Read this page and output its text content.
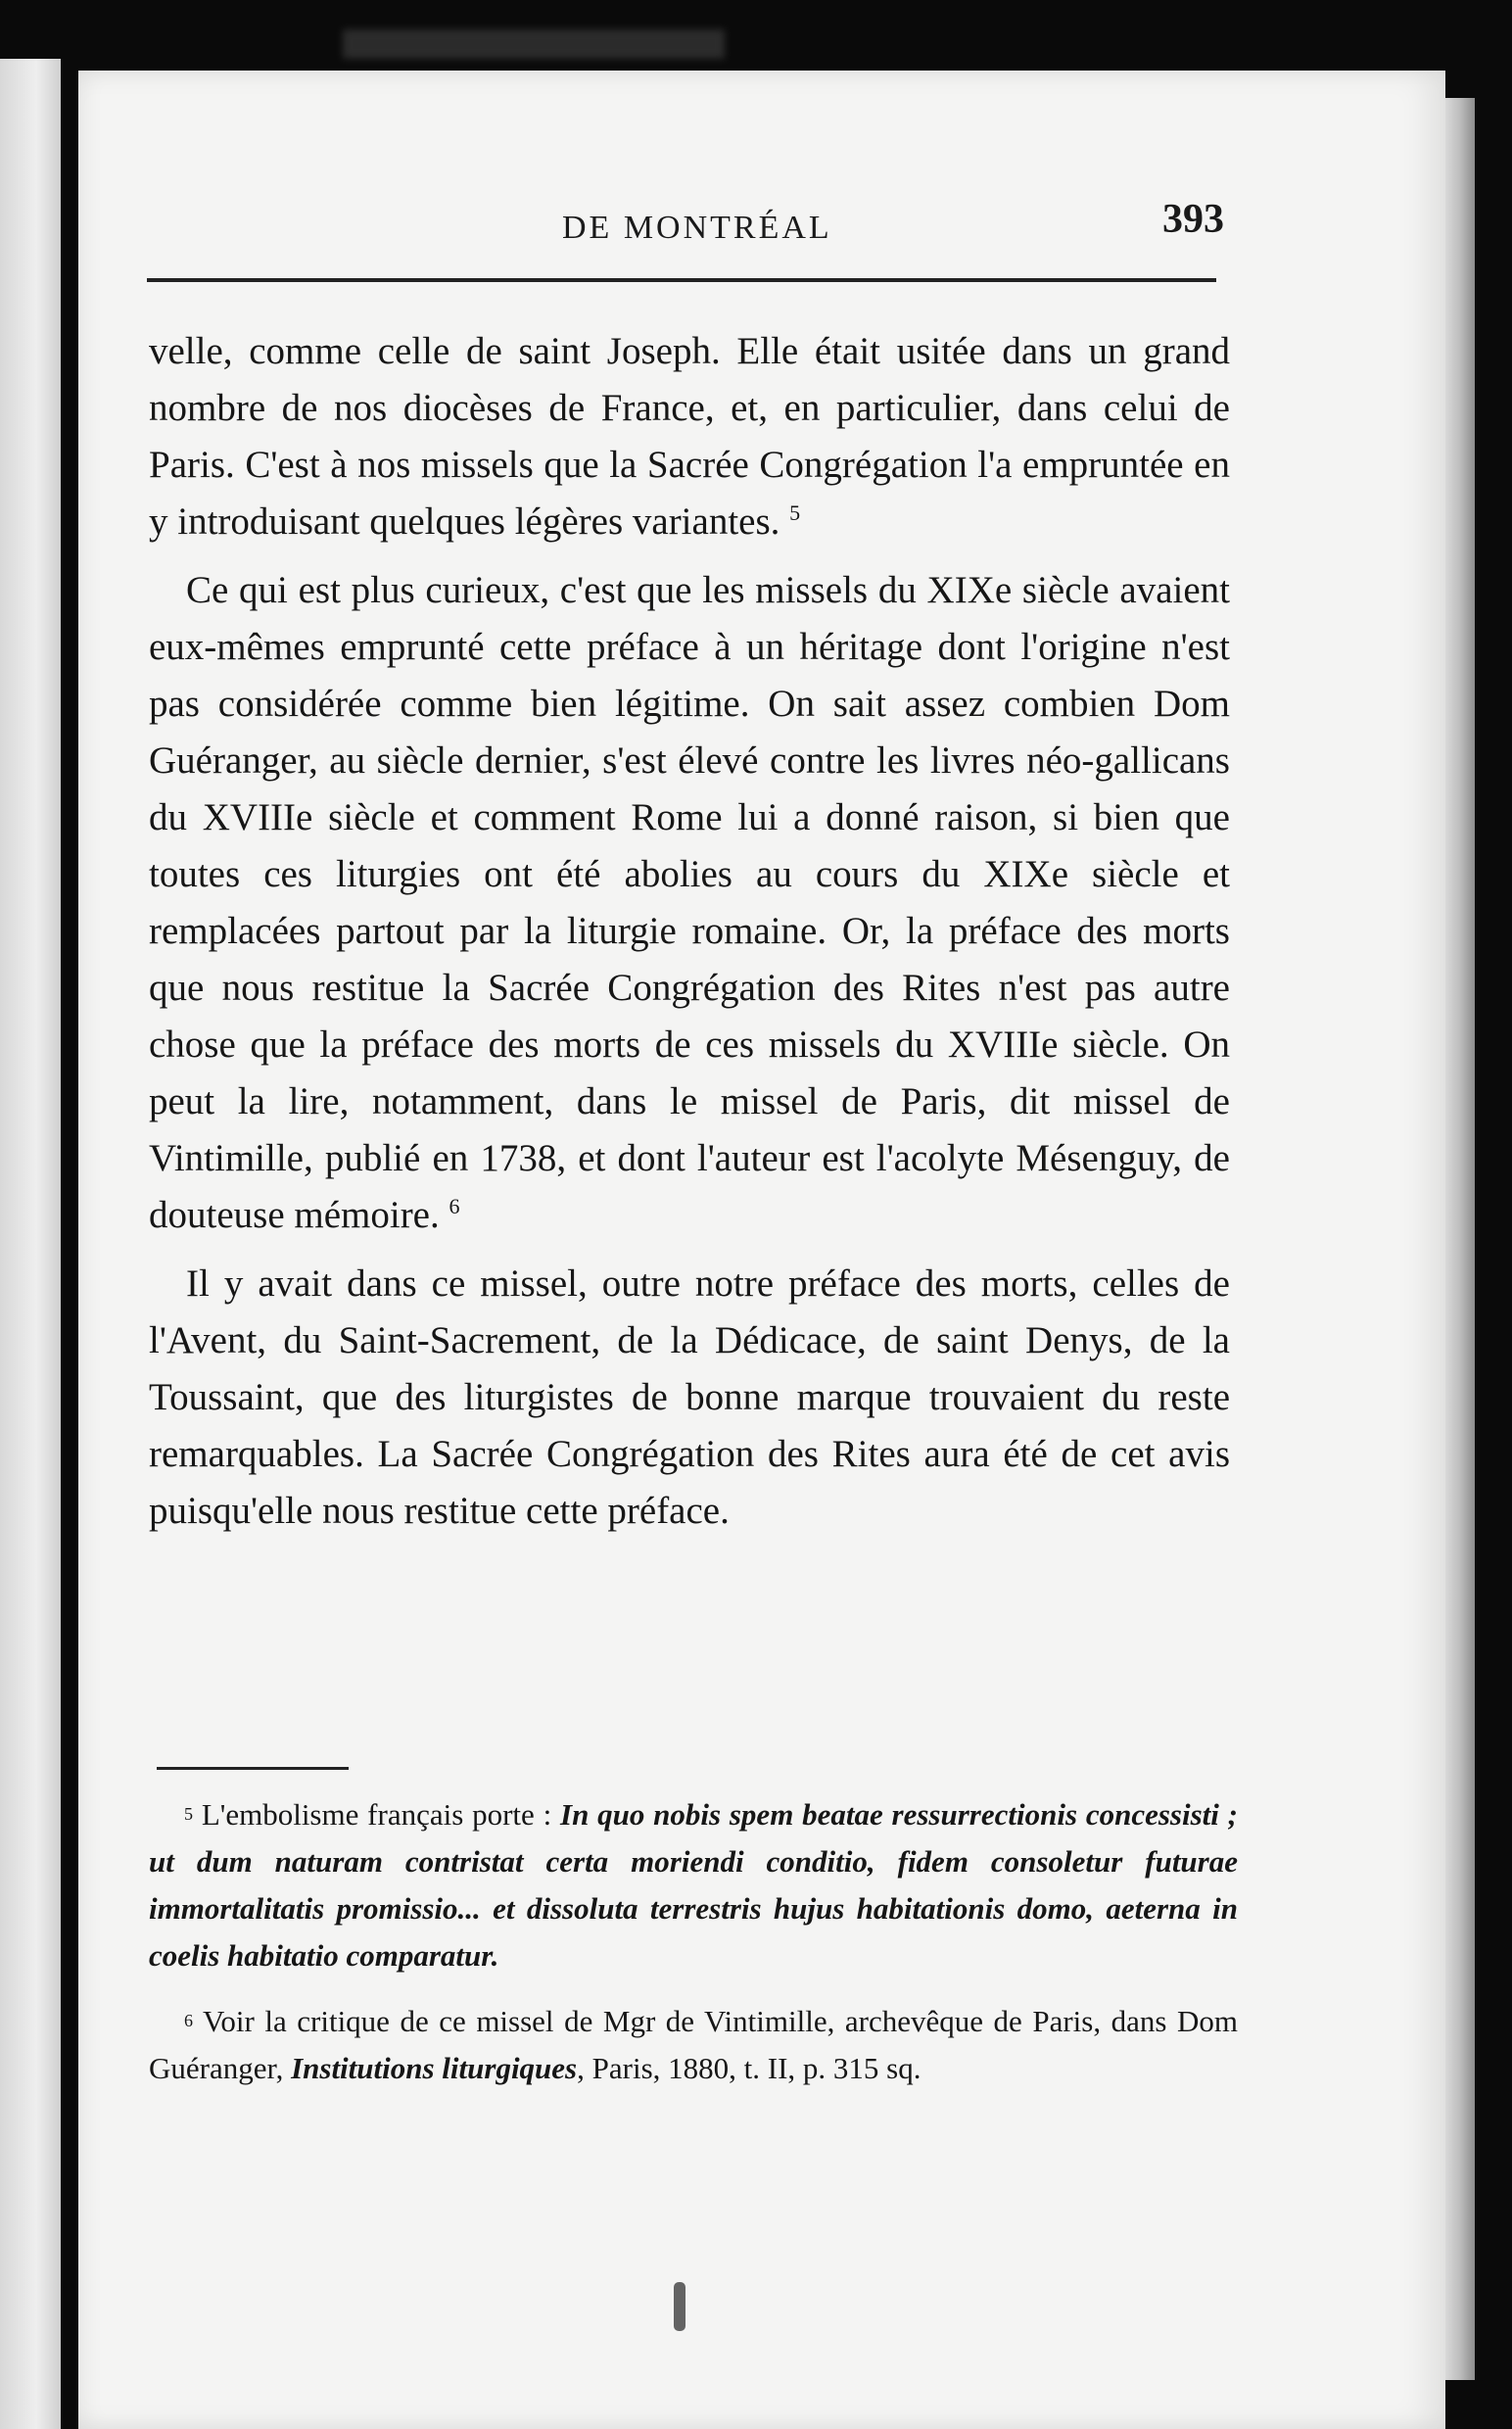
DE MONTRÉAL	393

velle, comme celle de saint Joseph. Elle était usitée dans un grand nombre de nos diocèses de France, et, en particulier, dans celui de Paris. C'est à nos missels que la Sacrée Congrégation l'a empruntée en y introduisant quelques légères variantes. $^5$

Ce qui est plus curieux, c'est que les missels du XIXe siècle avaient eux-mêmes emprunté cette préface à un héritage dont l'origine n'est pas considérée comme bien légitime. On sait assez combien Dom Guéranger, au siècle dernier, s'est élevé contre les livres néo-gallicans du XVIIIe siècle et comment Rome lui a donné raison, si bien que toutes ces liturgies ont été abolies au cours du XIXe siècle et remplacées partout par la liturgie romaine. Or, la préface des morts que nous restitue la Sacrée Congrégation des Rites n'est pas autre chose que la préface des morts de ces missels du XVIIIe siècle. On peut la lire, notamment, dans le missel de Paris, dit missel de Vintimille, publié en 1738, et dont l'auteur est l'acolyte Mésenguy, de douteuse mémoire. $^6$

Il y avait dans ce missel, outre notre préface des morts, celles de l'Avent, du Saint-Sacrement, de la Dédicace, de saint Denys, de la Toussaint, que des liturgistes de bonne marque trouvaient du reste remarquables. La Sacrée Congrégation des Rites aura été de cet avis puisqu'elle nous restitue cette préface.

5 L'embolisme français porte : In quo nobis spem beatae ressurrectionis concessisti ; ut dum naturam contristat certa moriendi conditio, fidem consoletur futurae immortalitatis promissio... et dissoluta terrestris hujus habitationis domo, aeterna in coelis habitatio comparatur.

6 Voir la critique de ce missel de Mgr de Vintimille, archevêque de Paris, dans Dom Guéranger, Institutions liturgiques, Paris, 1880, t. II, p. 315 sq.
